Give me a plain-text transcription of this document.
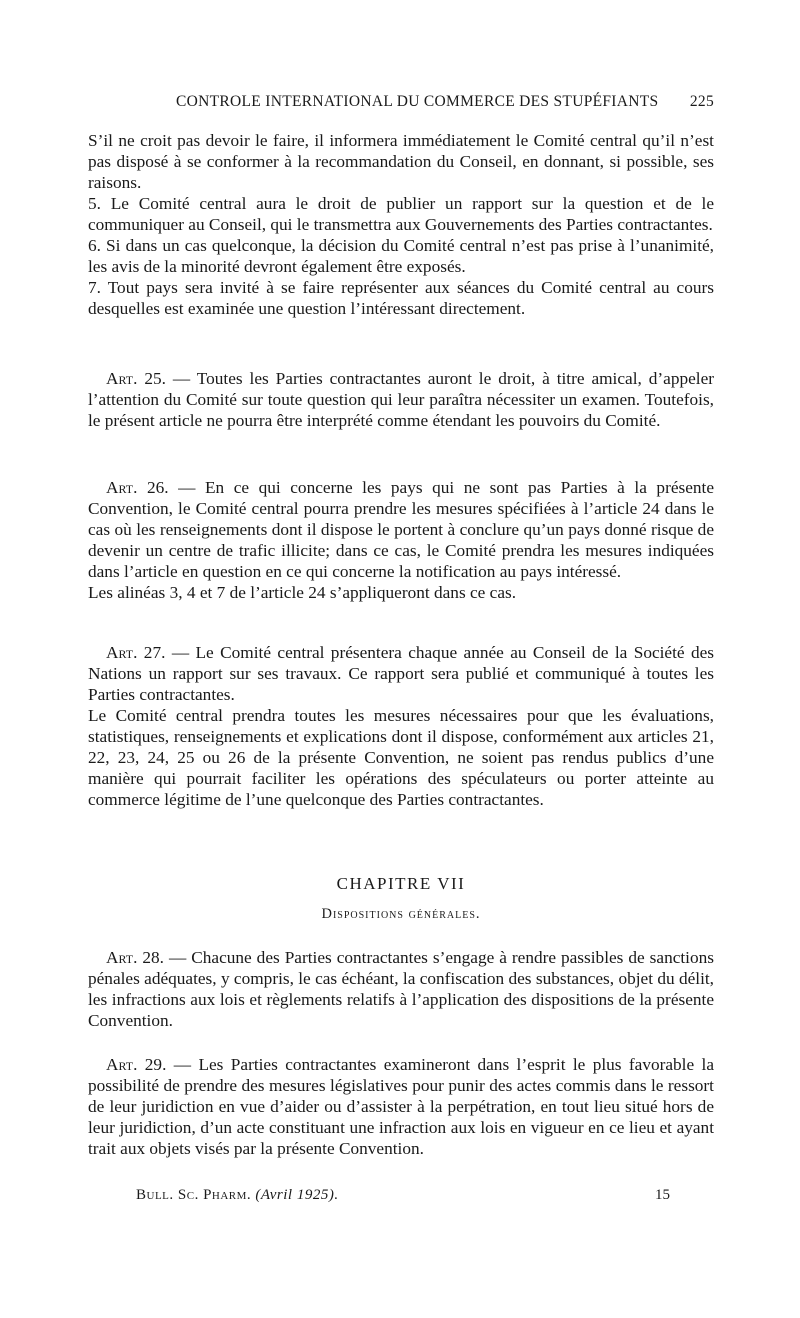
CONTROLE INTERNATIONAL DU COMMERCE DES STUPÉFIANTS 225

S’il ne croit pas devoir le faire, il informera immédiatement le Comité central qu’il n’est pas disposé à se conformer à la recommandation du Conseil, en donnant, si possible, ses raisons.

5. Le Comité central aura le droit de publier un rapport sur la question et de le communiquer au Conseil, qui le transmettra aux Gouvernements des Parties contractantes.

6. Si dans un cas quelconque, la décision du Comité central n’est pas prise à l’unanimité, les avis de la minorité devront également être exposés.

7. Tout pays sera invité à se faire représenter aux séances du Comité central au cours desquelles est examinée une question l’intéressant directement.

Art. 25. — Toutes les Parties contractantes auront le droit, à titre amical, d’appeler l’attention du Comité sur toute question qui leur paraîtra nécessiter un examen. Toutefois, le présent article ne pourra être interprété comme étendant les pouvoirs du Comité.

Art. 26. — En ce qui concerne les pays qui ne sont pas Parties à la présente Convention, le Comité central pourra prendre les mesures spécifiées à l’article 24 dans le cas où les renseignements dont il dispose le portent à conclure qu’un pays donné risque de devenir un centre de trafic illicite; dans ce cas, le Comité prendra les mesures indiquées dans l’article en question en ce qui concerne la notification au pays intéressé.

Les alinéas 3, 4 et 7 de l’article 24 s’appliqueront dans ce cas.

Art. 27. — Le Comité central présentera chaque année au Conseil de la Société des Nations un rapport sur ses travaux. Ce rapport sera publié et communiqué à toutes les Parties contractantes.

Le Comité central prendra toutes les mesures nécessaires pour que les évaluations, statistiques, renseignements et explications dont il dispose, conformément aux articles 21, 22, 23, 24, 25 ou 26 de la présente Convention, ne soient pas rendus publics d’une manière qui pourrait faciliter les opérations des spéculateurs ou porter atteinte au commerce légitime de l’une quelconque des Parties contractantes.

CHAPITRE VII
Dispositions générales.

Art. 28. — Chacune des Parties contractantes s’engage à rendre passibles de sanctions pénales adéquates, y compris, le cas échéant, la confiscation des substances, objet du délit, les infractions aux lois et règlements relatifs à l’application des dispositions de la présente Convention.

Art. 29. — Les Parties contractantes examineront dans l’esprit le plus favorable la possibilité de prendre des mesures législatives pour punir des actes commis dans le ressort de leur juridiction en vue d’aider ou d’assister à la perpétration, en tout lieu situé hors de leur juridiction, d’un acte constituant une infraction aux lois en vigueur en ce lieu et ayant trait aux objets visés par la présente Convention.

Bull. Sc. Pharm. (Avril 1925).	15
